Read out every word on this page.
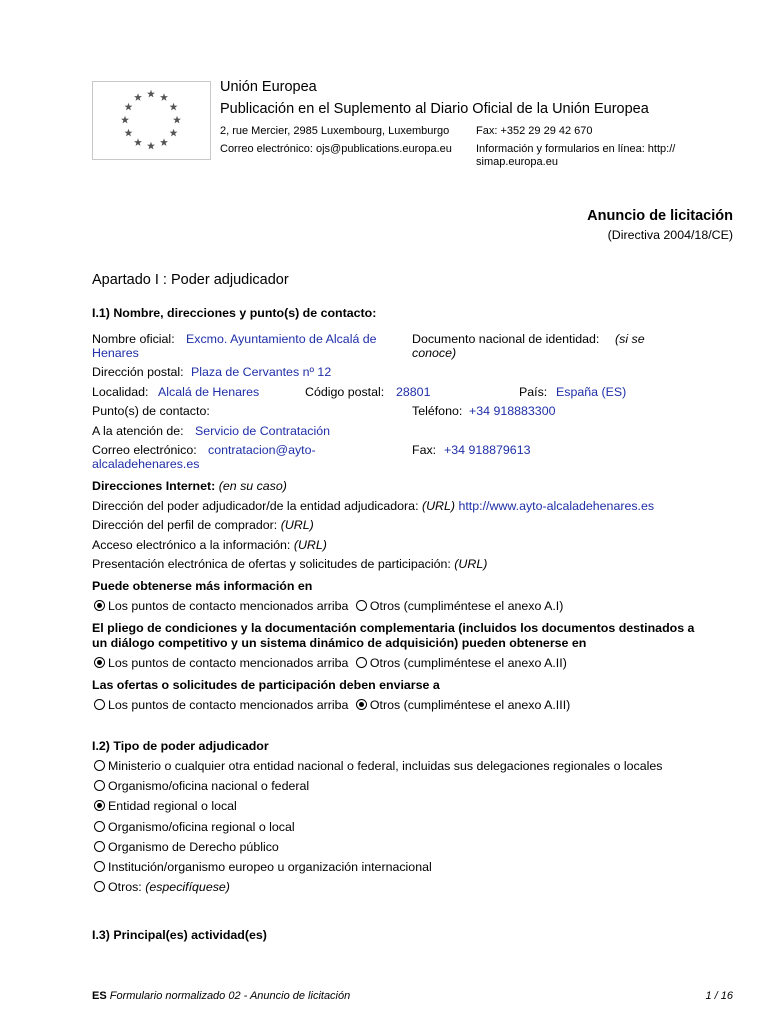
Unión Europea
Publicación en el Suplemento al Diario Oficial de la Unión Europea
2, rue Mercier, 2985 Luxembourg, Luxemburgo Fax: +352 29 29 42 670
Correo electrónico: ojs@publications.europa.eu Información y formularios en línea: http://
simap.europa.eu
Anuncio de licitación
(Directiva 2004/18/CE)
Apartado I : Poder adjudicador
I.1) Nombre, direcciones y punto(s) de contacto:
Nombre oficial: Excmo. Ayuntamiento de Alcalá de
Henares
Documento nacional de identidad: (si se
conoce)
Dirección postal: Plaza de Cervantes nº 12
Localidad: Alcalá de Henares	Código postal: 28801	País: España (ES)
Punto(s) de contacto:	Teléfono: +34 918883300
A la atención de: Servicio de Contratación
Correo electrónico: contratacion@ayto-
alcaladehenares.es
Fax: +34 918879613
Direcciones Internet: (en su caso)
Dirección del poder adjudicador/de la entidad adjudicadora: (URL) http://www.ayto-alcaladehenares.es
Dirección del perfil de comprador: (URL)
Acceso electrónico a la información: (URL)
Presentación electrónica de ofertas y solicitudes de participación: (URL)
Puede obtenerse más información en
Los puntos de contacto mencionados arriba Otros (cumpliméntese el anexo A.I)
El pliego de condiciones y la documentación complementaria (incluidos los documentos destinados a
un diálogo competitivo y un sistema dinámico de adquisición) pueden obtenerse en
Los puntos de contacto mencionados arriba Otros (cumpliméntese el anexo A.II)
Las ofertas o solicitudes de participación deben enviarse a
Los puntos de contacto mencionados arriba Otros (cumpliméntese el anexo A.III)
I.2) Tipo de poder adjudicador
Ministerio o cualquier otra entidad nacional o federal, incluidas sus delegaciones regionales o locales
Organismo/oficina nacional o federal
Entidad regional o local
Organismo/oficina regional o local
Organismo de Derecho público
Institución/organismo europeo u organización internacional
Otros: (especifíquese)
I.3) Principal(es) actividad(es)
ES Formulario normalizado 02 - Anuncio de licitación	1 / 16
